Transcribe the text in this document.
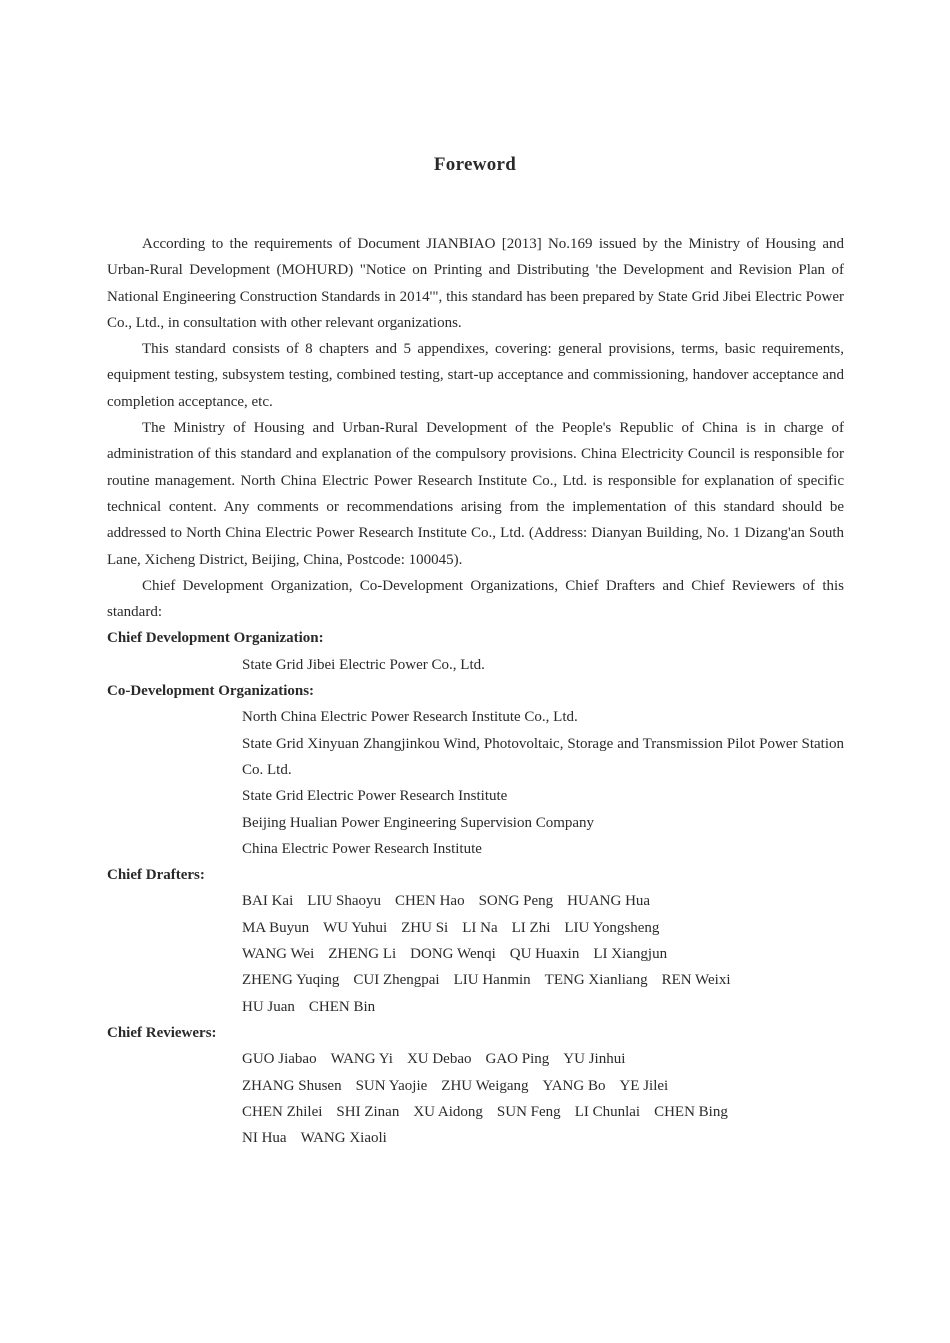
Foreword

According to the requirements of Document JIANBIAO [2013] No.169 issued by the Ministry of Housing and Urban-Rural Development (MOHURD) "Notice on Printing and Distributing 'the Development and Revision Plan of National Engineering Construction Standards in 2014'", this standard has been prepared by State Grid Jibei Electric Power Co., Ltd., in consultation with other relevant organizations.

This standard consists of 8 chapters and 5 appendixes, covering: general provisions, terms, basic requirements, equipment testing, subsystem testing, combined testing, start-up acceptance and commissioning, handover acceptance and completion acceptance, etc.

The Ministry of Housing and Urban-Rural Development of the People's Republic of China is in charge of administration of this standard and explanation of the compulsory provisions. China Electricity Council is responsible for routine management. North China Electric Power Research Institute Co., Ltd. is responsible for explanation of specific technical content. Any comments or recommendations arising from the implementation of this standard should be addressed to North China Electric Power Research Institute Co., Ltd. (Address: Dianyan Building, No. 1 Dizang'an South Lane, Xicheng District, Beijing, China, Postcode: 100045).

Chief Development Organization, Co-Development Organizations, Chief Drafters and Chief Reviewers of this standard:

Chief Development Organization:
State Grid Jibei Electric Power Co., Ltd.
Co-Development Organizations:
North China Electric Power Research Institute Co., Ltd.
State Grid Xinyuan Zhangjinkou Wind, Photovoltaic, Storage and Transmission Pilot Power Station Co. Ltd.
State Grid Electric Power Research Institute
Beijing Hualian Power Engineering Supervision Company
China Electric Power Research Institute
Chief Drafters:
BAI Kai LIU Shaoyu CHEN Hao SONG Peng HUANG Hua
MA Buyun WU Yuhui ZHU Si LI Na LI Zhi LIU Yongsheng
WANG Wei ZHENG Li DONG Wenqi QU Huaxin LI Xiangjun
ZHENG Yuqing CUI Zhengpai LIU Hanmin TENG Xianliang REN Weixi
HU Juan CHEN Bin
Chief Reviewers:
GUO Jiabao WANG Yi XU Debao GAO Ping YU Jinhui
ZHANG Shusen SUN Yaojie ZHU Weigang YANG Bo YE Jilei
CHEN Zhilei SHI Zinan XU Aidong SUN Feng LI Chunlai CHEN Bing
NI Hua WANG Xiaoli
